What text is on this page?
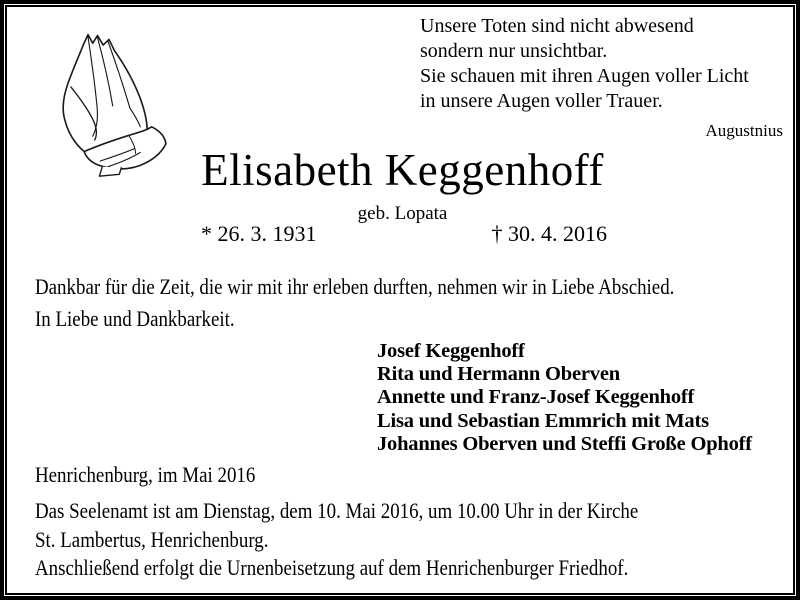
Unsere Toten sind nicht abwesend
sondern nur unsichtbar.
Sie schauen mit ihren Augen voller Licht
in unsere Augen voller Trauer.
Augustnius
Elisabeth Keggenhoff
geb. Lopata
* 26. 3. 1931	† 30. 4. 2016
Dankbar für die Zeit, die wir mit ihr erleben durften, nehmen wir in Liebe Abschied.
In Liebe und Dankbarkeit.
Josef Keggenhoff
Rita und Hermann Oberven
Annette und Franz-Josef Keggenhoff
Lisa und Sebastian Emmrich mit Mats
Johannes Oberven und Steffi Große Ophoff
Henrichenburg, im Mai 2016
Das Seelenamt ist am Dienstag, dem 10. Mai 2016, um 10.00 Uhr in der Kirche
St. Lambertus, Henrichenburg.
Anschließend erfolgt die Urnenbeisetzung auf dem Henrichenburger Friedhof.
